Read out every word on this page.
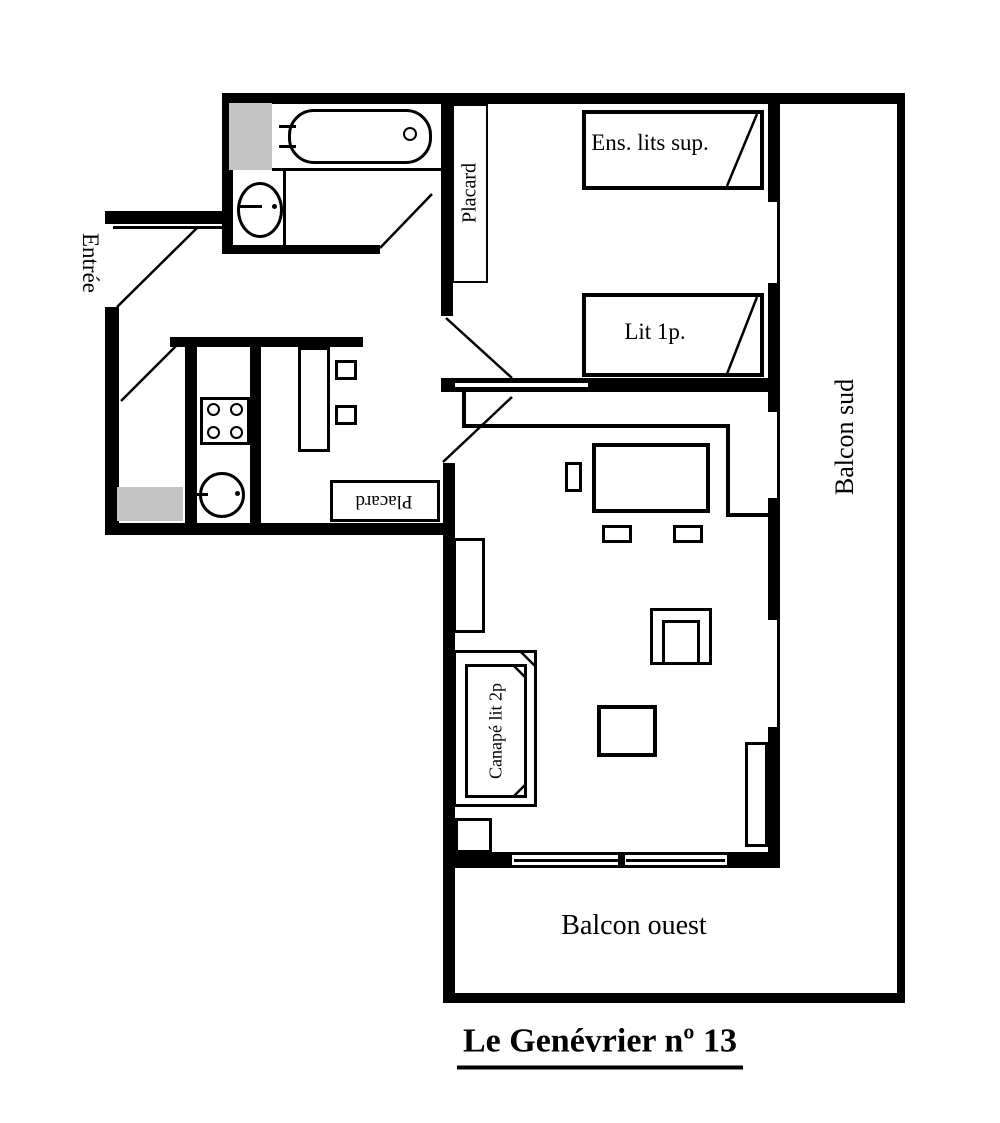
Entrée
Placard
Ens. lits sup.
Lit 1p.
Balcon sud
Placard
Canapé lit 2p
Balcon ouest
Le Genévrier nº 13
